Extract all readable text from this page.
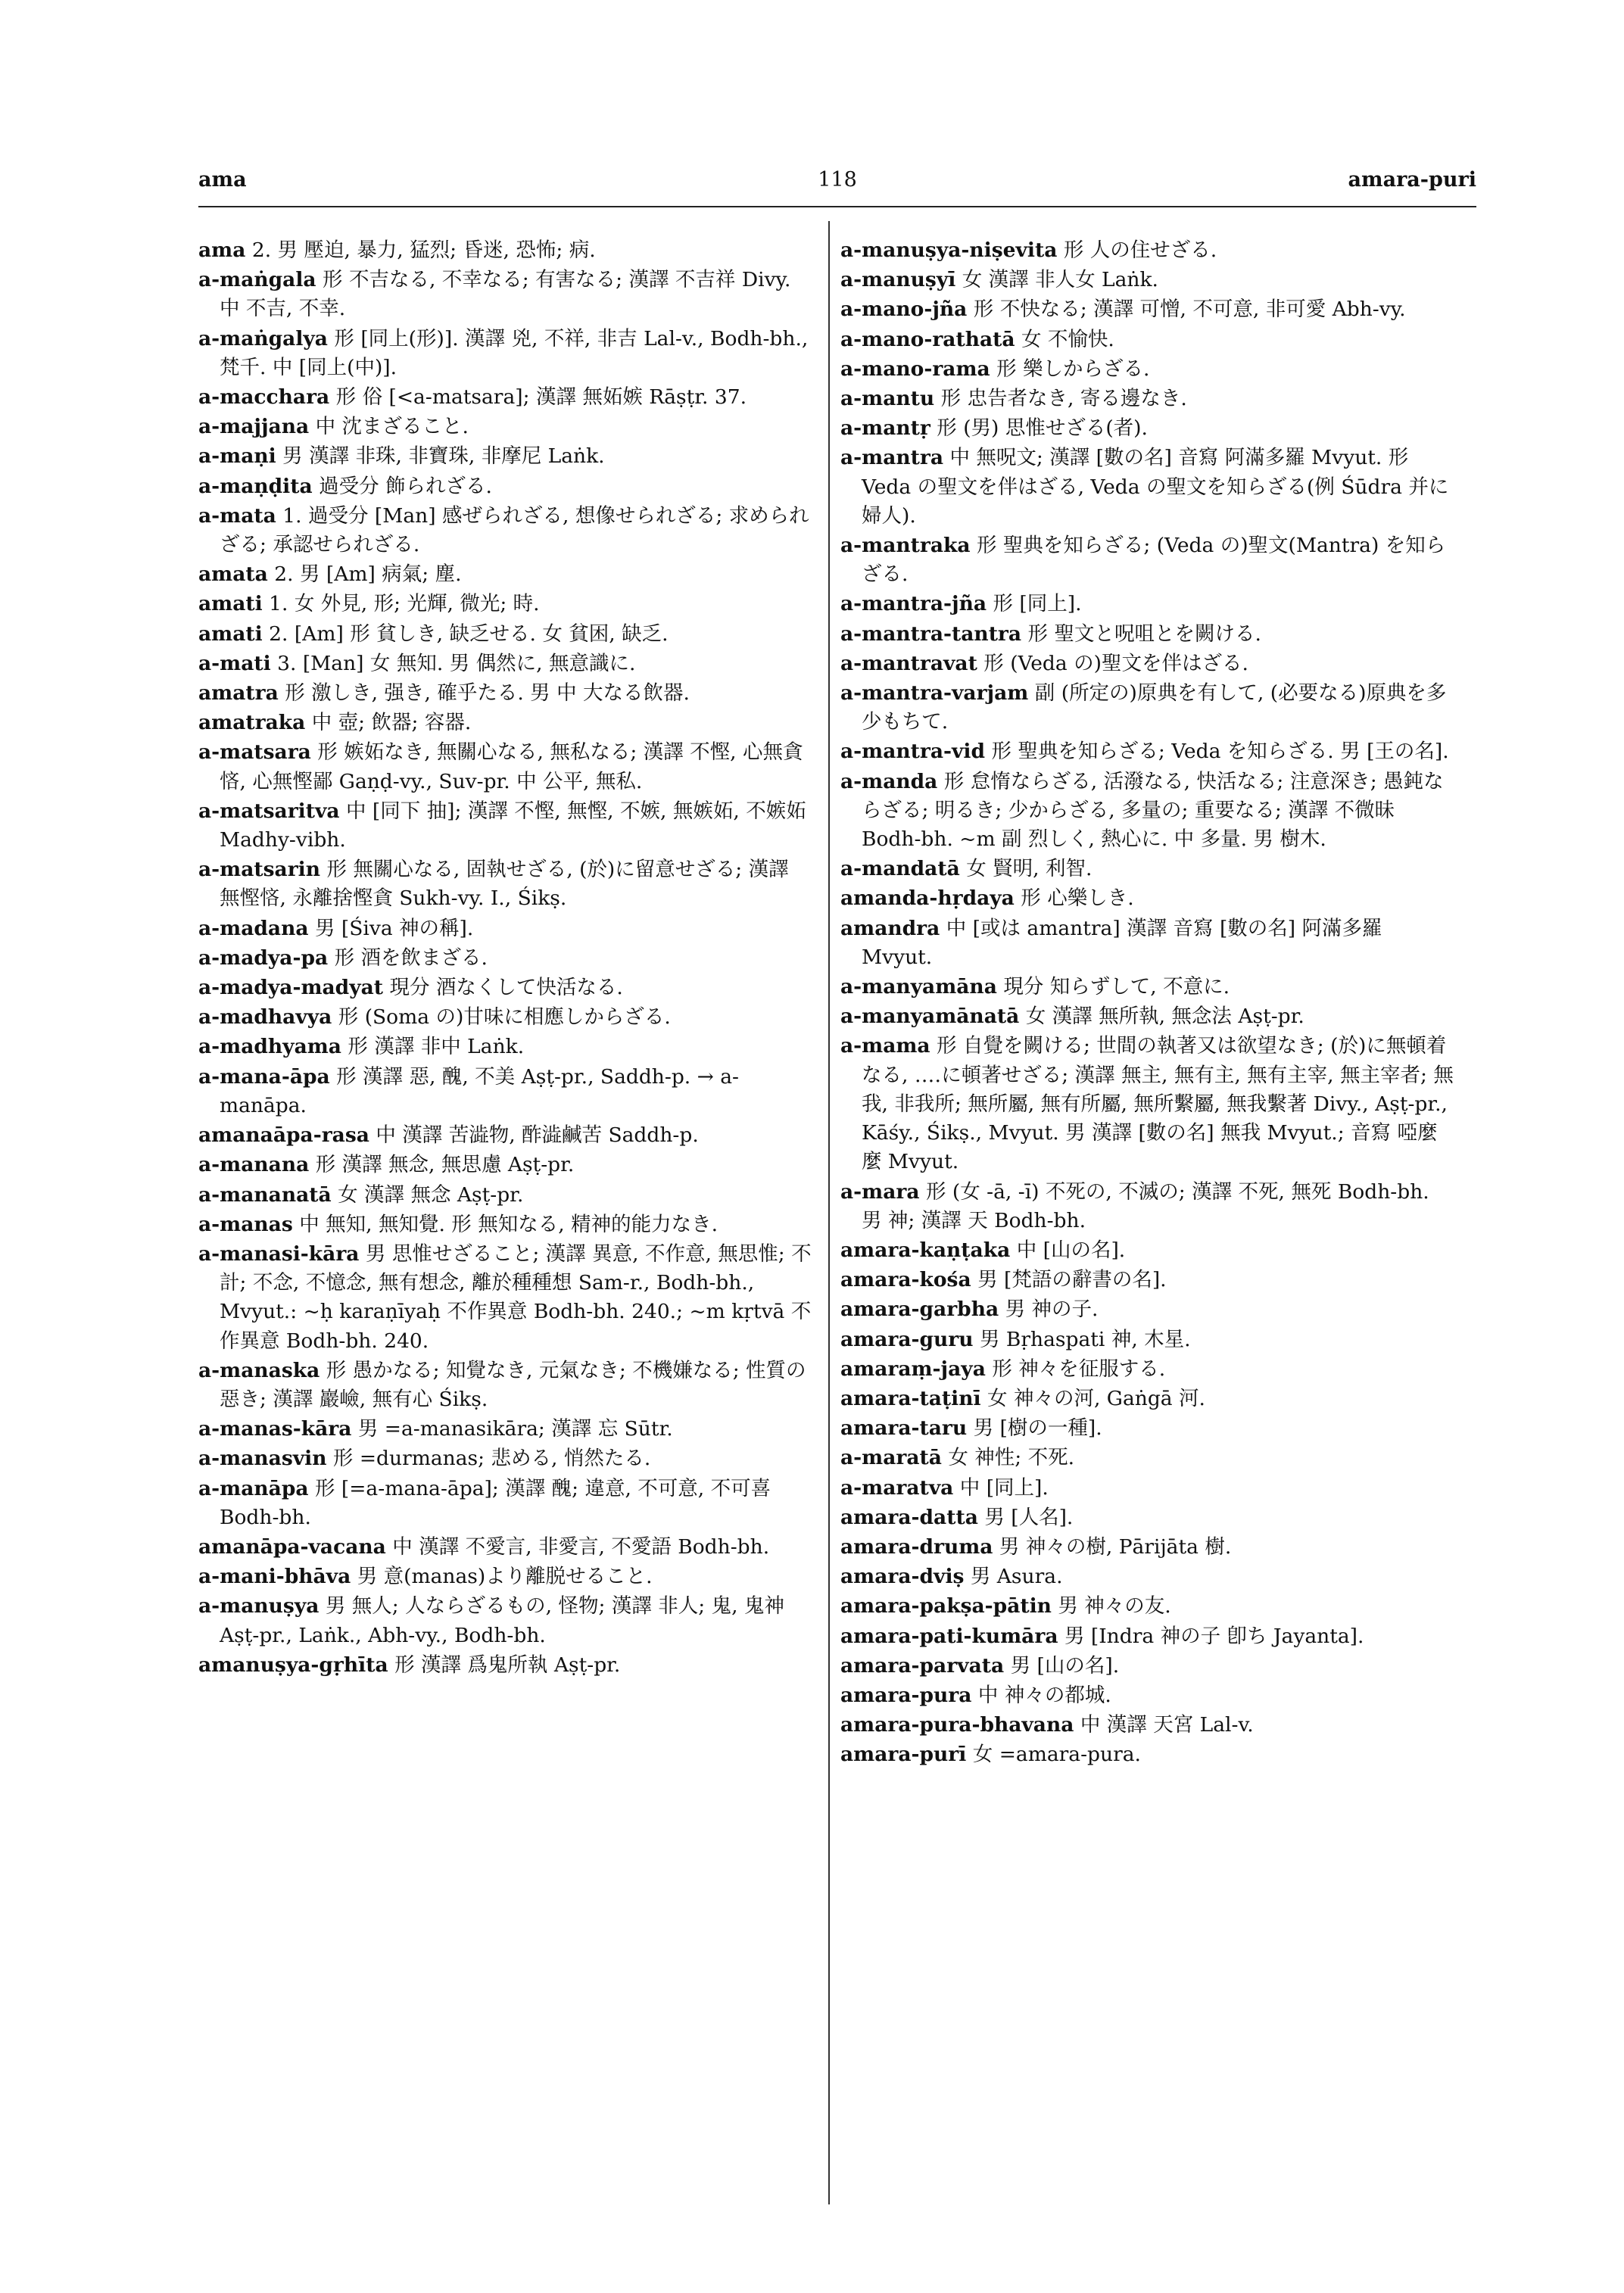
ama	118	amara-puri

ama 2. 男 壓迫, 暴力, 猛烈; 昏迷, 恐怖; 病.

a-maṅgala 形 不吉なる, 不幸なる; 有害なる; 漢譯 不吉祥 Divy. 中 不吉, 不幸.

a-maṅgalya 形 [同上(形)]. 漢譯 兇, 不祥, 非吉 Lal-v., Bodh-bh., 梵千. 中 [同上(中)].

a-macchara 形 俗 [<a-matsara]; 漢譯 無妬嫉 Rāṣṭr. 37.

a-majjana 中 沈まざること.

a-maṇi 男 漢譯 非珠, 非寶珠, 非摩尼 Laṅk.

a-maṇḍita 過受分 飾られざる.

a-mata 1. 過受分 [Man] 感ぜられざる, 想像せられざる; 求められざる; 承認せられざる.

amata 2. 男 [Am] 病氣; 塵.

amati 1. 女 外見, 形; 光輝, 微光; 時.

amati 2. [Am] 形 貧しき, 缺乏せる. 女 貧困, 缺乏.

a-mati 3. [Man] 女 無知. 男 偶然に, 無意識に.

amatra 形 激しき, 强き, 確乎たる. 男 中 大なる飲器.

amatraka 中 壺; 飲器; 容器.

a-matsara 形 嫉妬なき, 無關心なる, 無私なる; 漢譯 不慳, 心無貪悋, 心無慳鄙 Gaṇḍ-vy., Suv-pr. 中 公平, 無私.

a-matsaritva 中 [同下 抽]; 漢譯 不慳, 無慳, 不嫉, 無嫉妬, 不嫉妬 Madhy-vibh.

a-matsarin 形 無關心なる, 固執せざる, (於)に留意せざる; 漢譯 無慳悋, 永離捨慳貪 Sukh-vy. I., Śikṣ.

a-madana 男 [Śiva 神の稱].

a-madya-pa 形 酒を飲まざる.

a-madya-madyat 現分 酒なくして快活なる.

a-madhavya 形 (Soma の)甘味に相應しからざる.

a-madhyama 形 漢譯 非中 Laṅk.

a-mana-āpa 形 漢譯 惡, 醜, 不美 Aṣṭ-pr., Saddh-p. → a-manāpa.

amanaāpa-rasa 中 漢譯 苦澁物, 酢澁鹹苦 Saddh-p.

a-manana 形 漢譯 無念, 無思慮 Aṣṭ-pr.

a-mananatā 女 漢譯 無念 Aṣṭ-pr.

a-manas 中 無知, 無知覺. 形 無知なる, 精神的能力なき.

a-manasi-kāra 男 思惟せざること; 漢譯 異意, 不作意, 無思惟; 不計; 不念, 不憶念, 無有想念, 離於種種想 Sam-r., Bodh-bh., Mvyut.: ~ḥ karaṇīyaḥ 不作異意 Bodh-bh. 240.; ~m kṛtvā 不作異意 Bodh-bh. 240.

a-manaska 形 愚かなる; 知覺なき, 元氣なき; 不機嫌なる; 性質の惡き; 漢譯 巖嶮, 無有心 Śikṣ.

a-manas-kāra 男 =a-manasikāra; 漢譯 忘 Sūtr.

a-manasvin 形 =durmanas; 悲める, 悄然たる.

a-manāpa 形 [=a-mana-āpa]; 漢譯 醜; 違意, 不可意, 不可喜 Bodh-bh.

amanāpa-vacana 中 漢譯 不愛言, 非愛言, 不愛語 Bodh-bh.

a-mani-bhāva 男 意(manas)より離脱せること.

a-manuṣya 男 無人; 人ならざるもの, 怪物; 漢譯 非人; 鬼, 鬼神 Aṣṭ-pr., Laṅk., Abh-vy., Bodh-bh.

amanuṣya-gṛhīta 形 漢譯 爲鬼所執 Aṣṭ-pr.

a-manuṣya-niṣevita 形 人の住せざる.

a-manuṣyī 女 漢譯 非人女 Laṅk.

a-mano-jña 形 不快なる; 漢譯 可憎, 不可意, 非可愛 Abh-vy.

a-mano-rathatā 女 不愉快.

a-mano-rama 形 樂しからざる.

a-mantu 形 忠告者なき, 寄る邊なき.

a-mantṛ 形 (男) 思惟せざる(者).

a-mantra 中 無呪文; 漢譯 [數の名] 音寫 阿滿多羅 Mvyut. 形 Veda の聖文を伴はざる, Veda の聖文を知らざる(例 Śūdra 并に婦人).

a-mantraka 形 聖典を知らざる; (Veda の)聖文(Mantra) を知らざる.

a-mantra-jña 形 [同上].

a-mantra-tantra 形 聖文と呪咀とを闕ける.

a-mantravat 形 (Veda の)聖文を伴はざる.

a-mantra-varjam 副 (所定の)原典を有して, (必要なる)原典を多少もちて.

a-mantra-vid 形 聖典を知らざる; Veda を知らざる. 男 [王の名].

a-manda 形 怠惰ならざる, 活潑なる, 快活なる; 注意深き; 愚鈍ならざる; 明るき; 少からざる, 多量の; 重要なる; 漢譯 不微昧 Bodh-bh. ~m 副 烈しく, 熱心に. 中 多量. 男 樹木.

a-mandatā 女 賢明, 利智.

amanda-hṛdaya 形 心樂しき.

amandra 中 [或は amantra] 漢譯 音寫 [數の名] 阿滿多羅 Mvyut.

a-manyamāna 現分 知らずして, 不意に.

a-manyamānatā 女 漢譯 無所執, 無念法 Aṣṭ-pr.

a-mama 形 自覺を闕ける; 世間の執著又は欲望なき; (於)に無頓着なる, ‥‥に頓著せざる; 漢譯 無主, 無有主, 無有主宰, 無主宰者; 無我, 非我所; 無所屬, 無有所屬, 無所繫屬, 無我繫著 Divy., Aṣṭ-pr., Kāśy., Śikṣ., Mvyut. 男 漢譯 [數の名] 無我 Mvyut.; 音寫 啞麼麼 Mvyut.

a-mara 形 (女 -ā, -ī) 不死の, 不滅の; 漢譯 不死, 無死 Bodh-bh. 男 神; 漢譯 天 Bodh-bh.

amara-kaṇṭaka 中 [山の名].

amara-kośa 男 [梵語の辭書の名].

amara-garbha 男 神の子.

amara-guru 男 Bṛhaspati 神, 木星.

amaraṃ-jaya 形 神々を征服する.

amara-taṭinī 女 神々の河, Gaṅgā 河.

amara-taru 男 [樹の一種].

a-maratā 女 神性; 不死.

a-maratva 中 [同上].

amara-datta 男 [人名].

amara-druma 男 神々の樹, Pārijāta 樹.

amara-dviṣ 男 Asura.

amara-pakṣa-pātin 男 神々の友.

amara-pati-kumāra 男 [Indra 神の子 卽ち Jayanta].

amara-parvata 男 [山の名].

amara-pura 中 神々の都城.

amara-pura-bhavana 中 漢譯 天宮 Lal-v.

amara-purī 女 =amara-pura.
